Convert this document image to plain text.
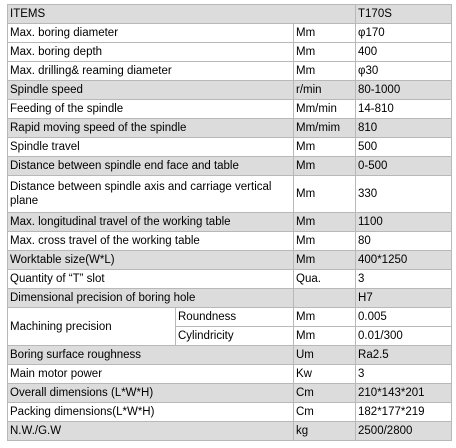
ITEMS			T170S
Max. boring diameter		Mm	φ170
Max. boring depth		Mm	400
Max. drilling& reaming diameter		Mm	φ30
Spindle speed		r/min	80-1000
Feeding of the spindle		Mm/min	14-810
Rapid moving speed of the spindle		Mm/mim	810
Spindle travel		Mm	500
Distance between spindle end face and table		Mm	0-500
Distance between spindle axis and carriage vertical plane		Mm	330
Max. longitudinal travel of the working table		Mm	1100
Max. cross travel of the working table		Mm	80
Worktable size(W*L)		Mm	400*1250
Quantity of “T” slot		Qua.	3
Dimensional precision of boring hole			H7
Machining precision	Roundness	Mm	0.005
	Cylindricity	Mm	0.01/300
Boring surface roughness		Um	Ra2.5
Main motor power		Kw	3
Overall dimensions (L*W*H)		Cm	210*143*201
Packing dimensions(L*W*H)		Cm	182*177*219
N.W./G.W		kg	2500/2800
